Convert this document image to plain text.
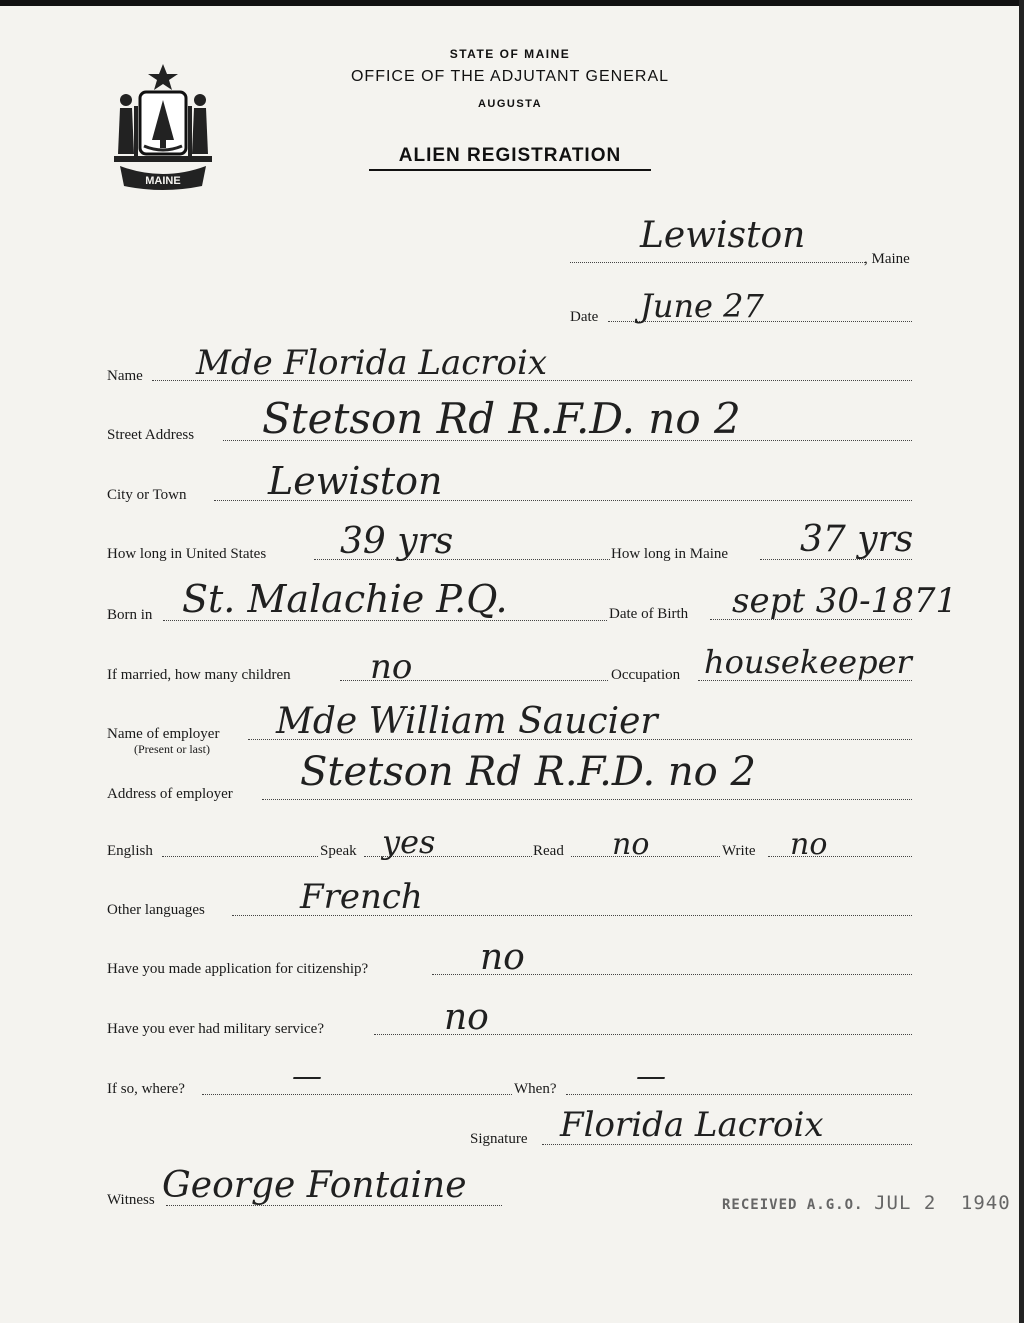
MAINE
STATE OF MAINE
OFFICE OF THE ADJUTANT GENERAL
AUGUSTA
ALIEN REGISTRATION
Lewiston
, Maine
Date June 27
Name Mde Florida Lacroix
Street Address Stetson Rd R.F.D. no 2
City or Town Lewiston
How long in United States 39 yrs	How long in Maine 37 yrs
Born in St. Malachie P.Q.	Date of Birth sept 30-1871
If married, how many children no	Occupation housekeeper
Name of employer
(Present or last)
Mde William Saucier
Address of employer Stetson Rd R.F.D. no 2
English	Speak yes	Read no	Write no
Other languages	French
Have you made application for citizenship?	no
Have you ever had military service?	no
If so, where?	—	When?	—
Signature Florida Lacroix
Witness George Fontaine	RECEIVED A.G.O. JUL 2 1940
